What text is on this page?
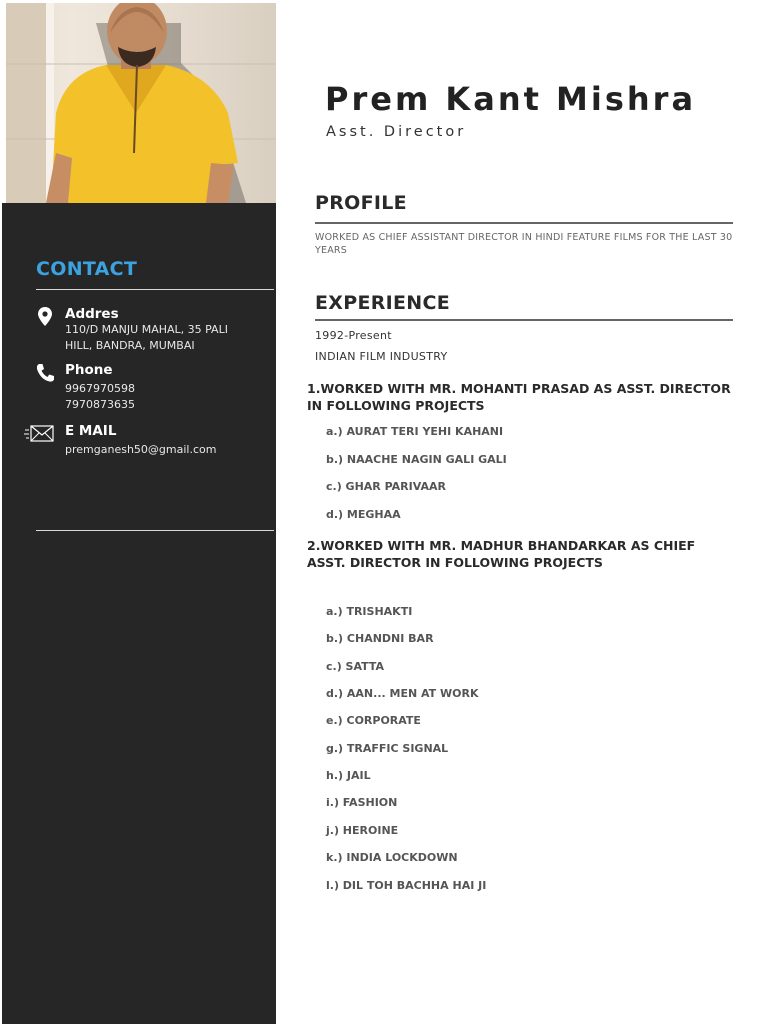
CONTACT
Addres
110/D MANJU MAHAL, 35 PALI
HILL, BANDRA, MUMBAI
Phone
9967970598
7970873635
E MAIL
premganesh50@gmail.com
Prem Kant Mishra
Asst. Director
PROFILE
WORKED AS CHIEF ASSISTANT DIRECTOR IN HINDI FEATURE FILMS FOR THE LAST 30 YEARS
EXPERIENCE
1992-Present
INDIAN FILM INDUSTRY
1.WORKED WITH MR. MOHANTI PRASAD AS ASST. DIRECTOR IN FOLLOWING PROJECTS
a.) AURAT TERI YEHI KAHANI
b.) NAACHE NAGIN GALI GALI
c.) GHAR PARIVAAR
d.) MEGHAA
2.WORKED WITH MR. MADHUR BHANDARKAR AS CHIEF ASST. DIRECTOR IN FOLLOWING PROJECTS
a.) TRISHAKTI
b.) CHANDNI BAR
c.) SATTA
d.) AAN... MEN AT WORK
e.) CORPORATE
g.) TRAFFIC SIGNAL
h.) JAIL
i.) FASHION
j.) HEROINE
k.) INDIA LOCKDOWN
l.) DIL TOH BACHHA HAI JI
